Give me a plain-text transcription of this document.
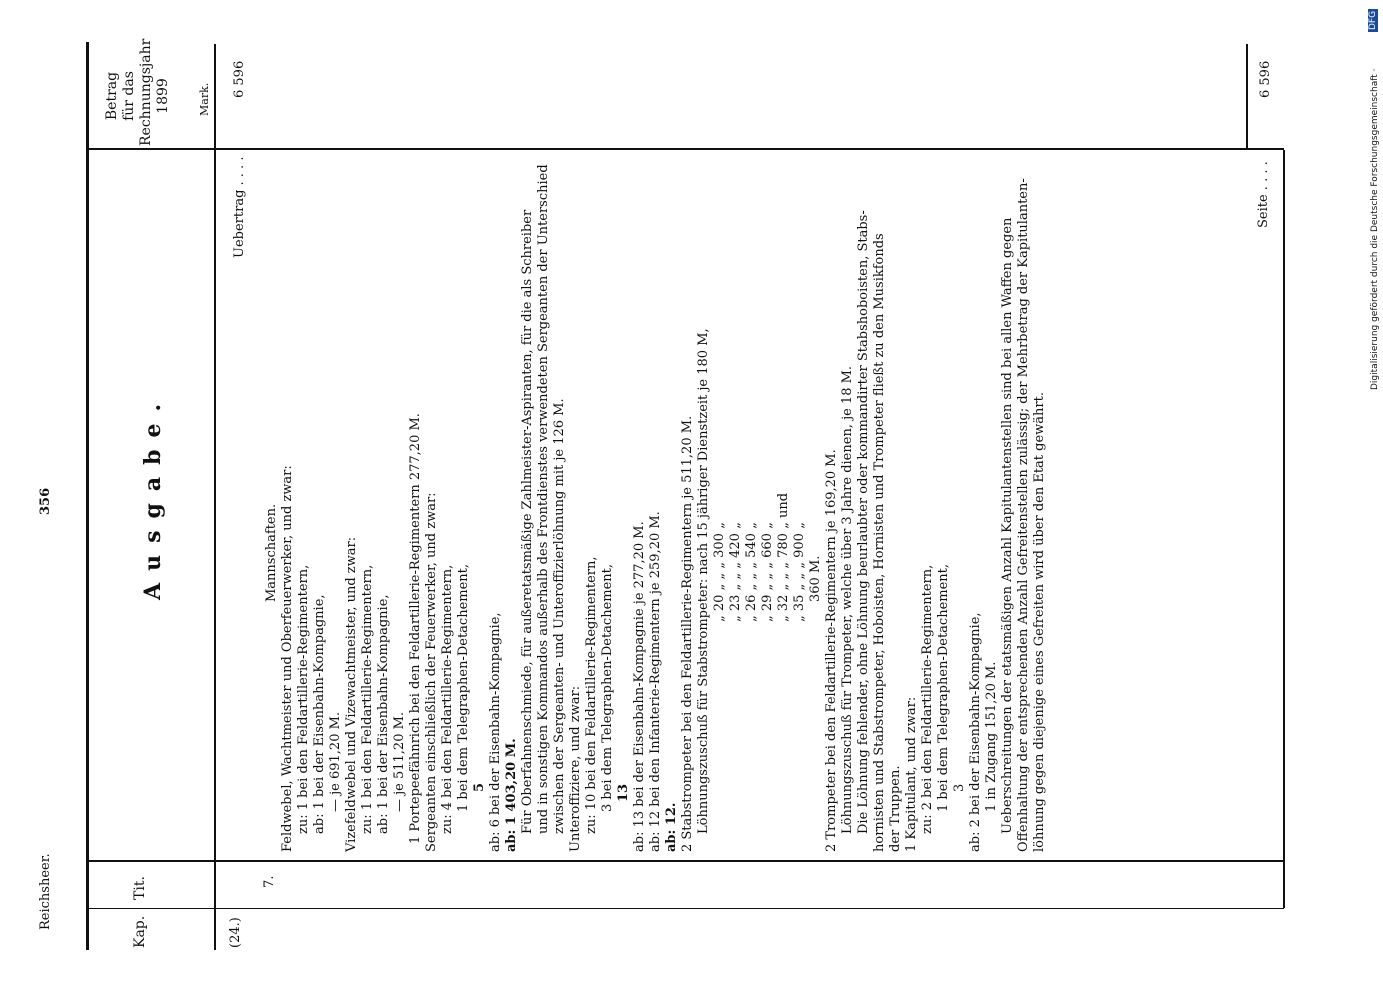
Reichsheer.
356
Kap.
Tit.
Betrag für das Rechnungsjahr 1899 Mark.
Ausgabe.
(24.)
7.
Uebertrag . . . .
6 596
Mannschaften. Feldwebel, Wachtmeister und Oberfeuerwerker, und zwar: zu: 1 bei den Feldartillerie-Regimentern, ab: 1 bei der Eisenbahn-Kompagnie, — je 691,20 M. Vizefeldwebel und Vizewachtmeister, und zwar: zu: 1 bei den Feldartillerie-Regimentern, ab: 1 bei der Eisenbahn-Kompagnie, — je 511,20 M. 1 Portepeefähnrich bei den Feldartillerie-Regimentern 277,20 M. Sergeanten einschließlich der Feuerwerker, und zwar: zu: 4 bei den Feldartillerie-Regimentern, 1 bei dem Telegraphen-Detachement, 5 ab: 6 bei der Eisenbahn-Kompagnie, ab: 1 403,20 M. Für Oberfahnenschmiede, für außeretatsmäßige Zahlmeister-Aspiranten, für die als Schreiber und in sonstigen Kommandos außerhalb des Frontdienstes verwendeten Sergeanten der Unterschied zwischen der Sergeanten- und Unteroffizierlöhnung mit je 126 M. Unteroffiziere, und zwar: zu: 10 bei den Feldartillerie-Regimentern, 3 bei dem Telegraphen-Detachement, 13 ab: 13 bei der Eisenbahn-Kompagnie je 277,20 M. ab: 12 bei den Infanterie-Regimentern je 259,20 M. ab: 12. 2 Stabstrompeter bei den Feldartillerie-Regimentern je 511,20 M. Löhnungszuschuß für Stabstrompeter: nach 15 jähriger Dienstzeit je 180 M, „ 20 „ „ „ 300 „ „ 23 „ „ „ 420 „ „ 26 „ „ „ 540 „ „ 29 „ „ „ 660 „ „ 32 „ „ „ 780 „ und „ 35 „ „ „ 900 „ 360 M. 2 Trompeter bei den Feldartillerie-Regimentern je 169,20 M. Löhnungszuschuß für Trompeter, welche über 3 Jahre dienen, je 18 M. Die Löhnung fehlender, ohne Löhnung beurlaubter oder kommandirter Stabshoboisten, Stabs- hornisten und Stabstrompeter, Hoboisten, Hornisten und Trompeter fließt zu den Musikfonds der Truppen. 1 Kapitulant, und zwar: zu: 2 bei den Feldartillerie-Regimentern, 1 bei dem Telegraphen-Detachement, 3 ab: 2 bei der Eisenbahn-Kompagnie, 1 in Zugang 151,20 M. Ueberschreitungen der etatsmäßigen Anzahl Kapitulantenstellen sind bei allen Waffen gegen Offenhaltung der entsprechenden Anzahl Gefreitenstellen zulässig; der Mehrbetrag der Kapitulanten- löhnung gegen diejenige eines Gefreiten wird über den Etat gewährt.
Seite . . . .
6 596	Digitalisierung gefördert durch die Deutsche Forschungsgemeinschaft ·
DFG
